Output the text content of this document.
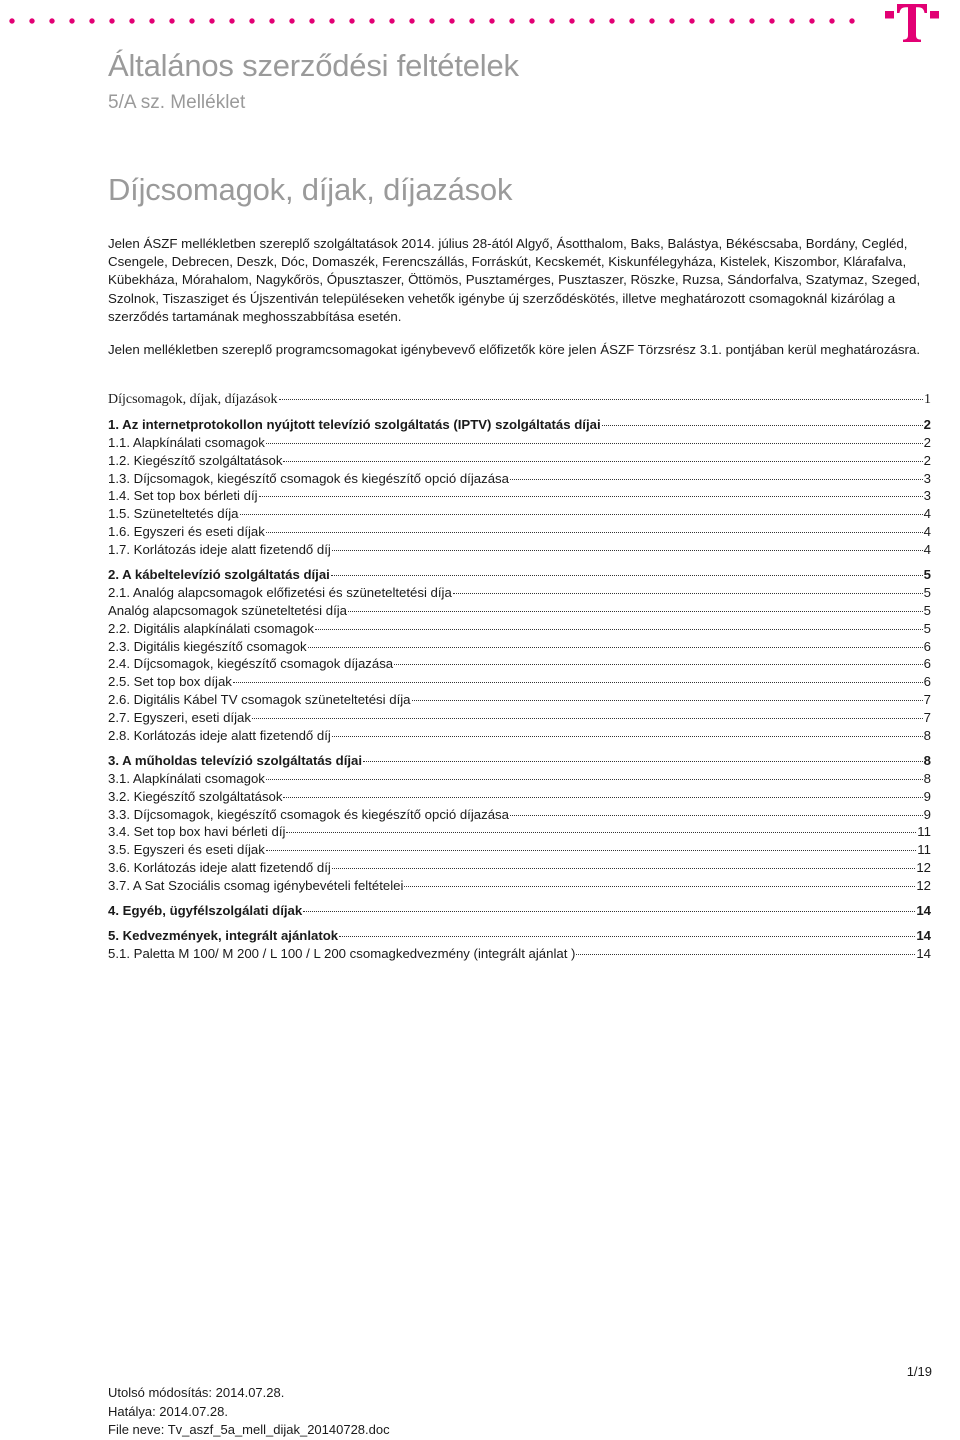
Általános szerződési feltételek
5/A sz. Melléklet
Díjcsomagok, díjak, díjazások

Jelen ÁSZF mellékletben szereplő szolgáltatások 2014. július 28-ától Algyő, Ásotthalom, Baks, Balástya, Békéscsaba, Bordány, Cegléd, Csengele, Debrecen, Deszk, Dóc, Domaszék, Ferencszállás, Forráskút, Kecskemét, Kiskunfélegyháza, Kistelek, Kiszombor, Klárafalva, Kübekháza, Mórahalom, Nagykőrös, Ópusztaszer, Öttömös, Pusztamérges, Pusztaszer, Röszke, Ruzsa, Sándorfalva, Szatymaz, Szeged, Szolnok, Tiszasziget és Újszentiván településeken vehetők igénybe új szerződéskötés, illetve meghatározott csomagoknál kizárólag a szerződés tartamának meghosszabbítása esetén.

Jelen mellékletben szereplő programcsomagokat igénybevevő előfizetők köre jelen ÁSZF Törzsrész 3.1. pontjában kerül meghatározásra.

Díjcsomagok, díjak, díjazások	1
1. Az internetprotokollon nyújtott televízió szolgáltatás (IPTV) szolgáltatás díjai	2
1.1. Alapkínálati csomagok	2
1.2. Kiegészítő szolgáltatások	2
1.3. Díjcsomagok, kiegészítő csomagok és kiegészítő opció díjazása	3
1.4. Set top box bérleti díj	3
1.5. Szüneteltetés díja	4
1.6. Egyszeri és eseti díjak	4
1.7. Korlátozás ideje alatt fizetendő díj	4
2. A kábeltelevízió szolgáltatás díjai	5
2.1. Analóg alapcsomagok előfizetési és szüneteltetési díja	5
Analóg alapcsomagok szüneteltetési díja	5
2.2. Digitális alapkínálati csomagok	5
2.3. Digitális kiegészítő csomagok	6
2.4. Díjcsomagok, kiegészítő csomagok díjazása	6
2.5. Set top box díjak	6
2.6. Digitális Kábel TV csomagok szüneteltetési díja	7
2.7. Egyszeri, eseti díjak	7
2.8. Korlátozás ideje alatt fizetendő díj	8
3. A műholdas televízió szolgáltatás díjai	8
3.1. Alapkínálati csomagok	8
3.2. Kiegészítő szolgáltatások	9
3.3. Díjcsomagok, kiegészítő csomagok és kiegészítő opció díjazása	9
3.4. Set top box havi bérleti díj	11
3.5. Egyszeri és eseti díjak	11
3.6. Korlátozás ideje alatt fizetendő díj	12
3.7. A Sat Szociális csomag igénybevételi feltételei	12
4. Egyéb, ügyfélszolgálati díjak	14
5. Kedvezmények, integrált ajánlatok	14
5.1. Paletta M 100/ M 200 / L 100 / L 200 csomagkedvezmény (integrált ajánlat )	14
1/19
Utolsó módosítás: 2014.07.28.
Hatálya: 2014.07.28.
File neve: Tv_aszf_5a_mell_dijak_20140728.doc
